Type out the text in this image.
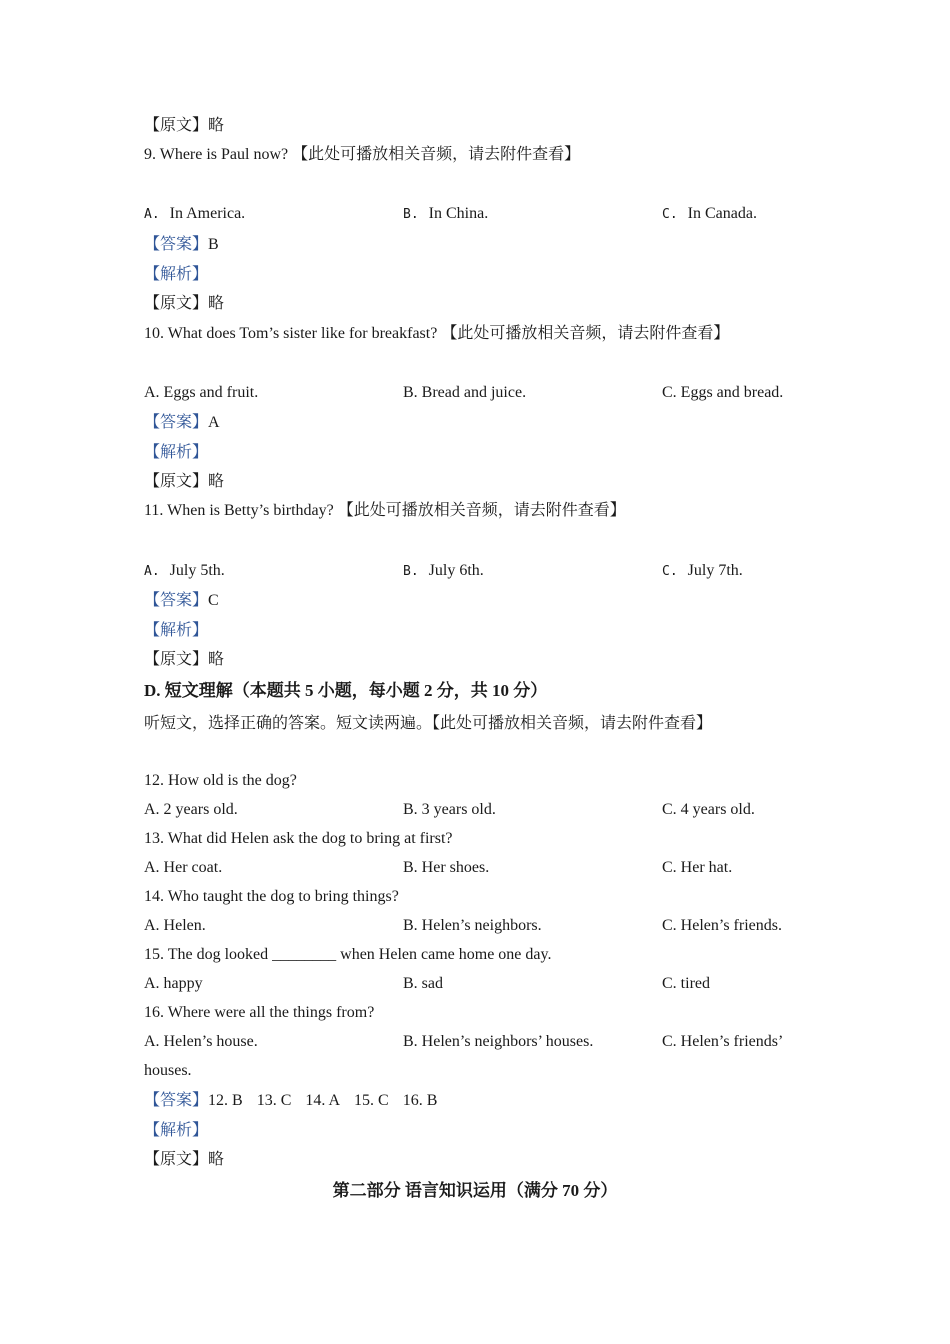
【原文】略
9. Where is Paul now? 【此处可播放相关音频，请去附件查看】
A. In America.	B. In China.	C. In Canada.
【答案】B
【解析】
【原文】略
10. What does Tom’s sister like for breakfast? 【此处可播放相关音频，请去附件查看】
A. Eggs and fruit.	B. Bread and juice.	C. Eggs and bread.
【答案】A
【解析】
【原文】略
11. When is Betty’s birthday? 【此处可播放相关音频，请去附件查看】
A. July 5th.	B. July 6th.	C. July 7th.
【答案】C
【解析】
【原文】略
D. 短文理解（本题共 5 小题，每小题 2 分，共 10 分）
听短文，选择正确的答案。短文读两遍。【此处可播放相关音频，请去附件查看】
12. How old is the dog?
A. 2 years old.	B. 3 years old.	C. 4 years old.
13. What did Helen ask the dog to bring at first?
A. Her coat.	B. Her shoes.	C. Her hat.
14. Who taught the dog to bring things?
A. Helen.	B. Helen’s neighbors.	C. Helen’s friends.
15. The dog looked ________ when Helen came home one day.
A. happy	B. sad	C. tired
16. Where were all the things from?
A. Helen’s house.	B. Helen’s neighbors’ houses.	C. Helen’s friends’
houses.
【答案】12. B 13. C 14. A 15. C 16. B
【解析】
【原文】略
第二部分 语言知识运用（满分 70 分）
